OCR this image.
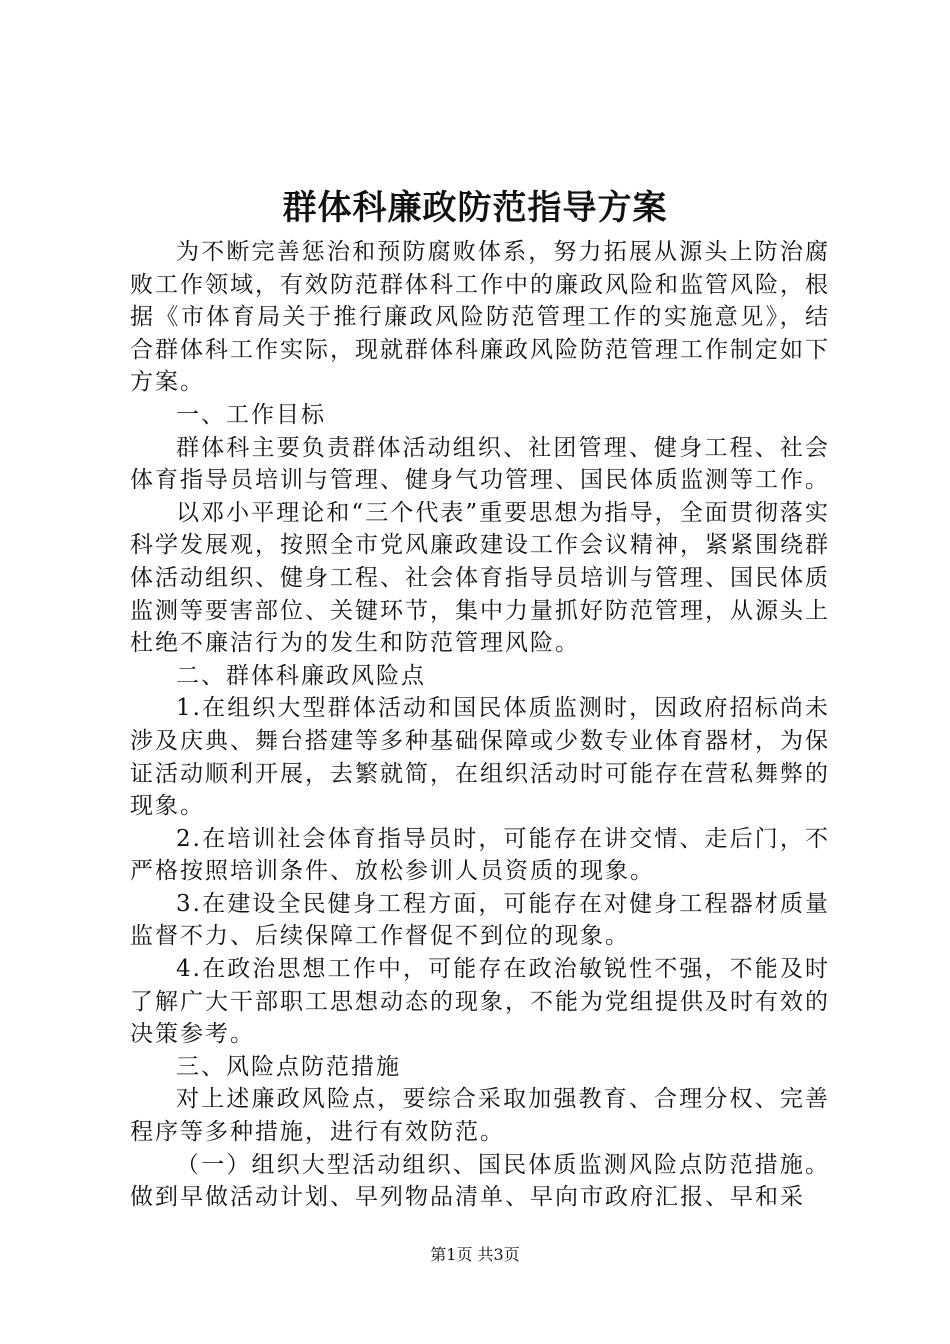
群体科廉政防范指导方案

为不断完善惩治和预防腐败体系，努力拓展从源头上防治腐败工作领域，有效防范群体科工作中的廉政风险和监管风险，根据《市体育局关于推行廉政风险防范管理工作的实施意见》，结合群体科工作实际，现就群体科廉政风险防范管理工作制定如下方案。

一、工作目标

群体科主要负责群体活动组织、社团管理、健身工程、社会体育指导员培训与管理、健身气功管理、国民体质监测等工作。

以邓小平理论和“三个代表”重要思想为指导，全面贯彻落实科学发展观，按照全市党风廉政建设工作会议精神，紧紧围绕群体活动组织、健身工程、社会体育指导员培训与管理、国民体质监测等要害部位、关键环节，集中力量抓好防范管理，从源头上杜绝不廉洁行为的发生和防范管理风险。

二、群体科廉政风险点

1.在组织大型群体活动和国民体质监测时，因政府招标尚未涉及庆典、舞台搭建等多种基础保障或少数专业体育器材，为保证活动顺利开展，去繁就简，在组织活动时可能存在营私舞弊的现象。

2.在培训社会体育指导员时，可能存在讲交情、走后门，不严格按照培训条件、放松参训人员资质的现象。

3.在建设全民健身工程方面，可能存在对健身工程器材质量监督不力、后续保障工作督促不到位的现象。

4.在政治思想工作中，可能存在政治敏锐性不强，不能及时了解广大干部职工思想动态的现象，不能为党组提供及时有效的决策参考。

三、风险点防范措施

对上述廉政风险点，要综合采取加强教育、合理分权、完善程序等多种措施，进行有效防范。

（一）组织大型活动组织、国民体质监测风险点防范措施。做到早做活动计划、早列物品清单、早向市政府汇报、早和采

第1页 共3页
